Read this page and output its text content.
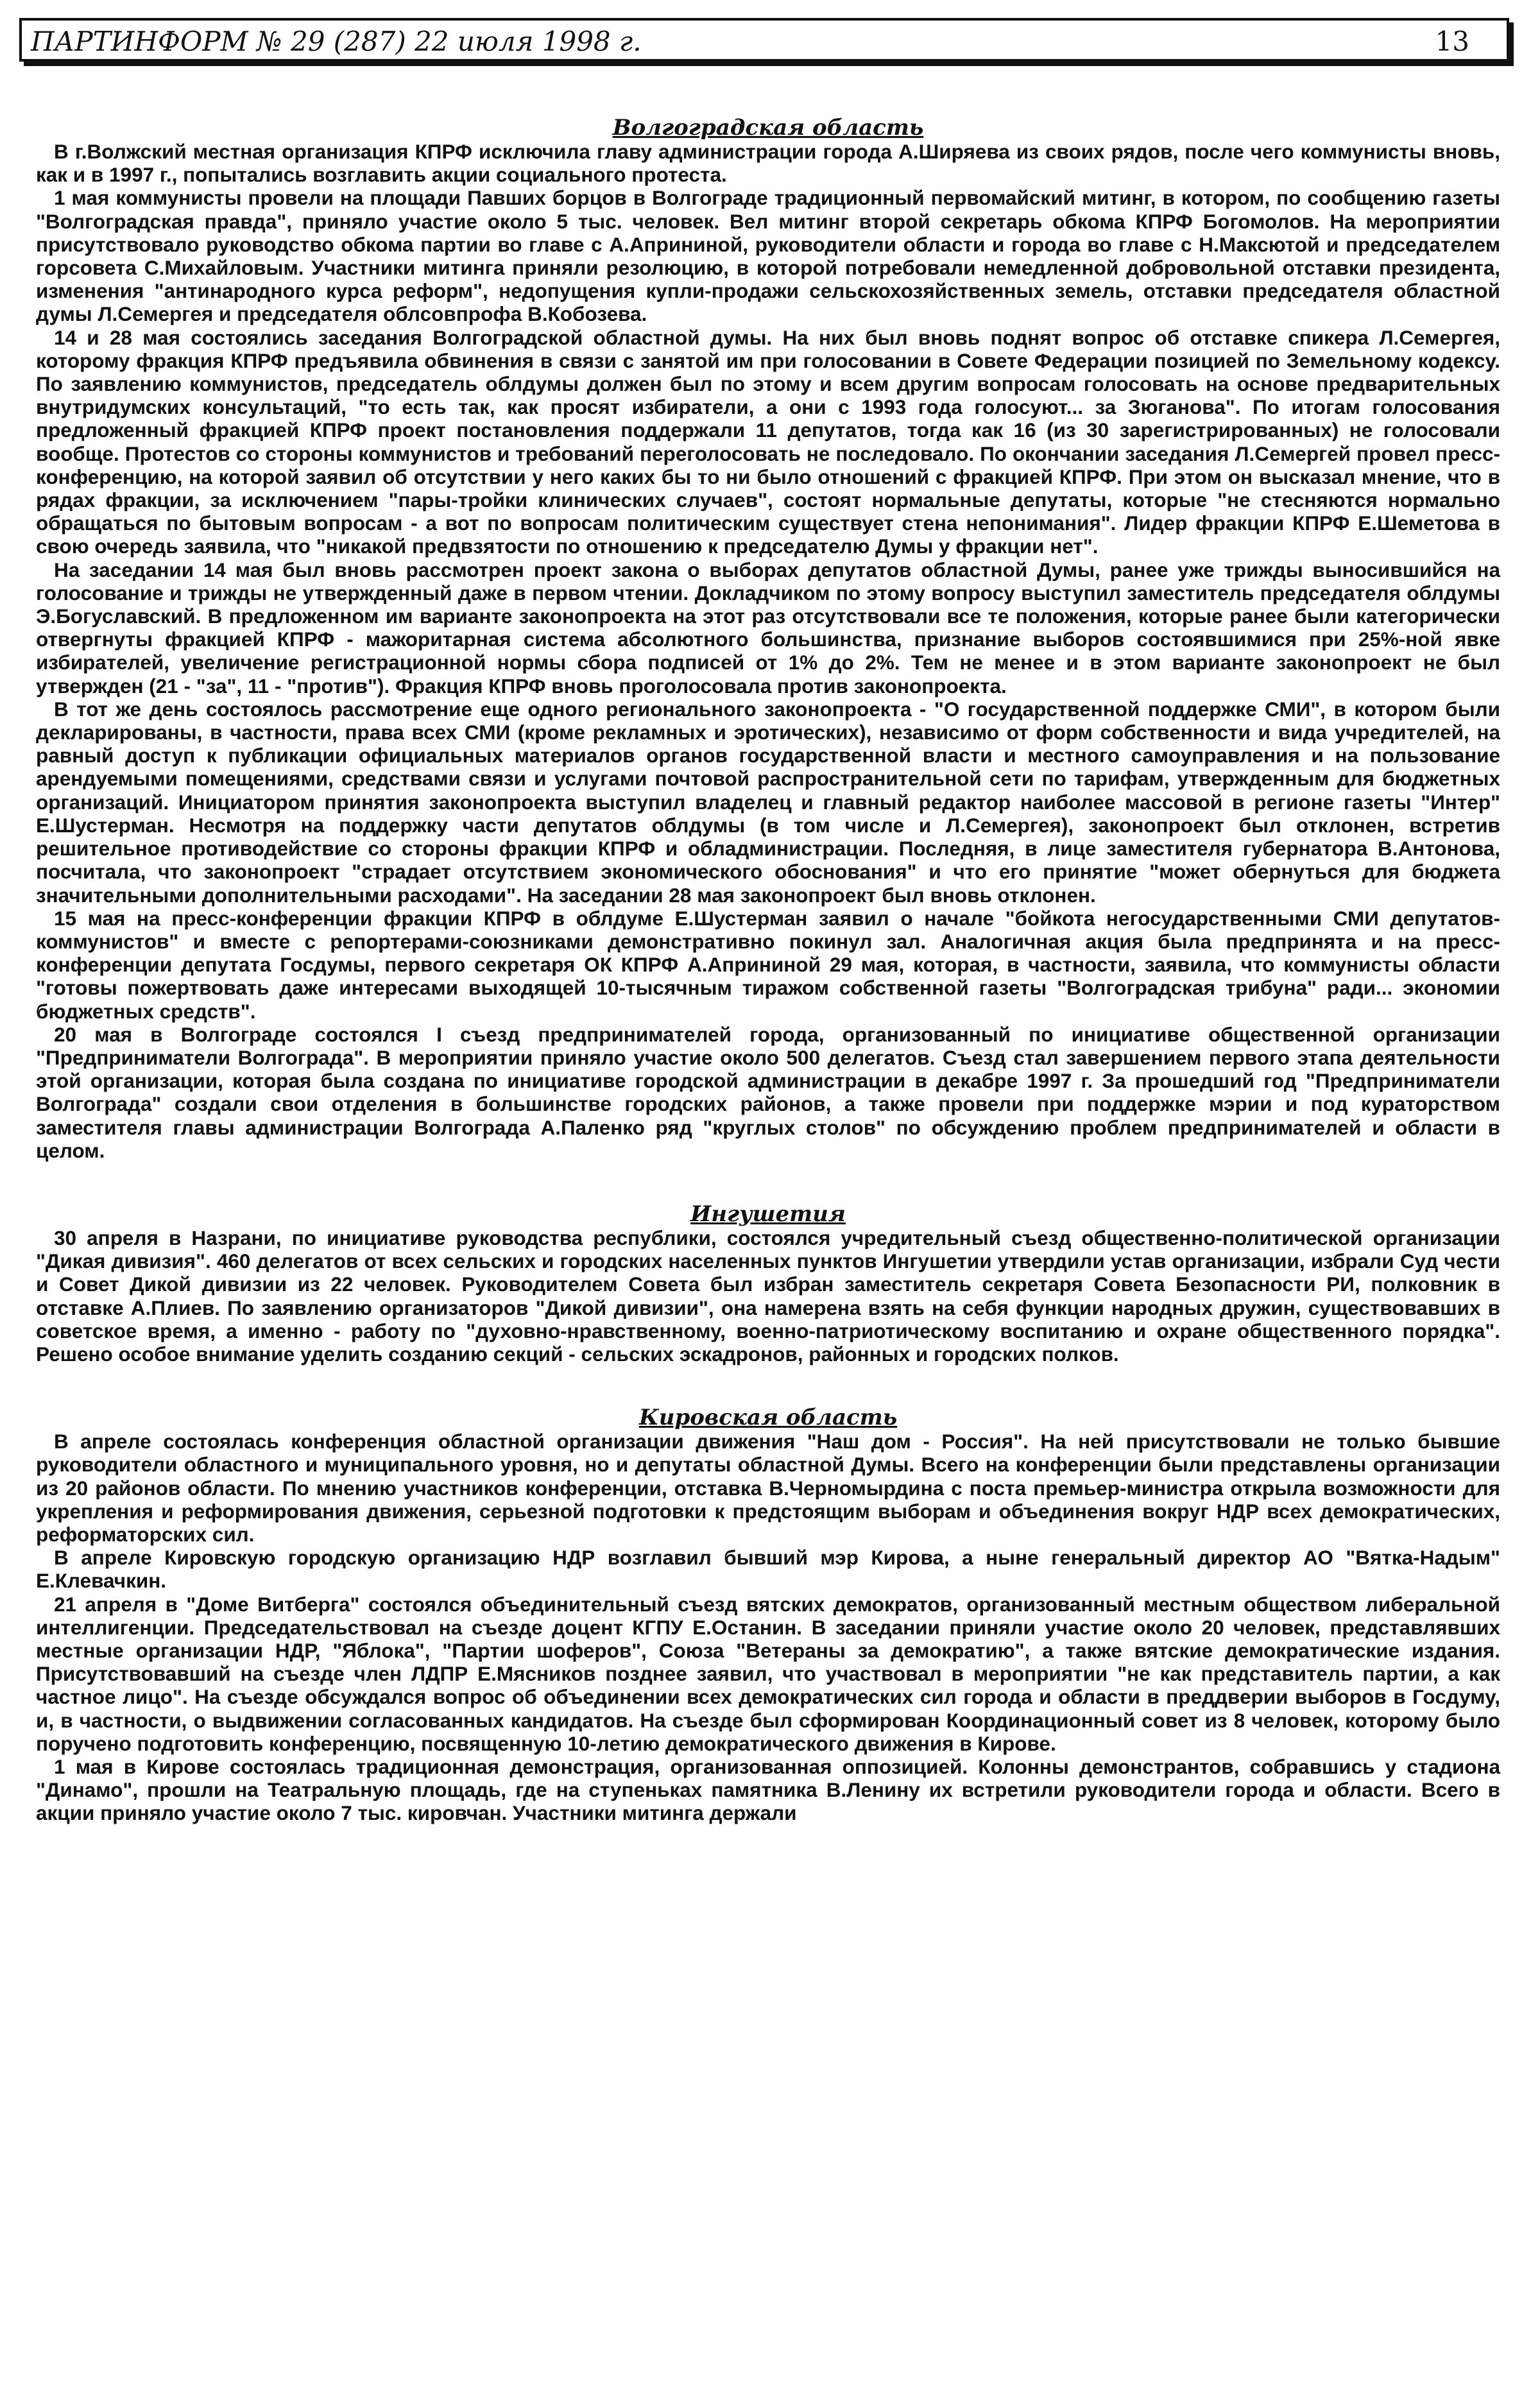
ПАРТИНФОРМ № 29 (287) 22 июля 1998 г.	13
Волгоградская область

В г.Волжский местная организация КПРФ исключила главу администрации города А.Ширяева из своих рядов, после чего коммунисты вновь, как и в 1997 г., попытались возглавить акции социального протеста.

1 мая коммунисты провели на площади Павших борцов в Волгограде традиционный первомайский митинг, в котором, по сообщению газеты "Волгоградская правда", приняло участие около 5 тыс. человек. Вел митинг второй секретарь обкома КПРФ Богомолов. На мероприятии присутствовало руководство обкома партии во главе с А.Априниной, руководители области и города во главе с Н.Максютой и председателем горсовета С.Михайловым. Участники митинга приняли резолюцию, в которой потребовали немедленной добровольной отставки президента, изменения "антинародного курса реформ", недопущения купли-продажи сельскохозяйственных земель, отставки председателя областной думы Л.Семергея и председателя облсовпрофа В.Кобозева.

14 и 28 мая состоялись заседания Волгоградской областной думы. На них был вновь поднят вопрос об отставке спикера Л.Семергея, которому фракция КПРФ предъявила обвинения в связи с занятой им при голосовании в Совете Федерации позицией по Земельному кодексу. По заявлению коммунистов, председатель облдумы должен был по этому и всем другим вопросам голосовать на основе предварительных внутридумских консультаций, "то есть так, как просят избиратели, а они с 1993 года голосуют... за Зюганова". По итогам голосования предложенный фракцией КПРФ проект постановления поддержали 11 депутатов, тогда как 16 (из 30 зарегистрированных) не голосовали вообще. Протестов со стороны коммунистов и требований переголосовать не последовало. По окончании заседания Л.Семергей провел пресс-конференцию, на которой заявил об отсутствии у него каких бы то ни было отношений с фракцией КПРФ. При этом он высказал мнение, что в рядах фракции, за исключением "пары-тройки клинических случаев", состоят нормальные депутаты, которые "не стесняются нормально обращаться по бытовым вопросам - а вот по вопросам политическим существует стена непонимания". Лидер фракции КПРФ Е.Шеметова в свою очередь заявила, что "никакой предвзятости по отношению к председателю Думы у фракции нет".

На заседании 14 мая был вновь рассмотрен проект закона о выборах депутатов областной Думы, ранее уже трижды выносившийся на голосование и трижды не утвержденный даже в первом чтении. Докладчиком по этому вопросу выступил заместитель председателя облдумы Э.Богуславский. В предложенном им варианте законопроекта на этот раз отсутствовали все те положения, которые ранее были категорически отвергнуты фракцией КПРФ - мажоритарная система абсолютного большинства, признание выборов состоявшимися при 25%-ной явке избирателей, увеличение регистрационной нормы сбора подписей от 1% до 2%. Тем не менее и в этом варианте законопроект не был утвержден (21 - "за", 11 - "против"). Фракция КПРФ вновь проголосовала против законопроекта.

В тот же день состоялось рассмотрение еще одного регионального законопроекта - "О государственной поддержке СМИ", в котором были декларированы, в частности, права всех СМИ (кроме рекламных и эротических), независимо от форм собственности и вида учредителей, на равный доступ к публикации официальных материалов органов государственной власти и местного самоуправления и на пользование арендуемыми помещениями, средствами связи и услугами почтовой распространительной сети по тарифам, утвержденным для бюджетных организаций. Инициатором принятия законопроекта выступил владелец и главный редактор наиболее массовой в регионе газеты "Интер" Е.Шустерман. Несмотря на поддержку части депутатов облдумы (в том числе и Л.Семергея), законопроект был отклонен, встретив решительное противодействие со стороны фракции КПРФ и обладминистрации. Последняя, в лице заместителя губернатора В.Антонова, посчитала, что законопроект "страдает отсутствием экономического обоснования" и что его принятие "может обернуться для бюджета значительными дополнительными расходами". На заседании 28 мая законопроект был вновь отклонен.

15 мая на пресс-конференции фракции КПРФ в облдуме Е.Шустерман заявил о начале "бойкота негосударственными СМИ депутатов-коммунистов" и вместе с репортерами-союзниками демонстративно покинул зал. Аналогичная акция была предпринята и на пресс-конференции депутата Госдумы, первого секретаря ОК КПРФ А.Априниной 29 мая, которая, в частности, заявила, что коммунисты области "готовы пожертвовать даже интересами выходящей 10-тысячным тиражом собственной газеты "Волгоградская трибуна" ради... экономии бюджетных средств".

20 мая в Волгограде состоялся I съезд предпринимателей города, организованный по инициативе общественной организации "Предприниматели Волгограда". В мероприятии приняло участие около 500 делегатов. Съезд стал завершением первого этапа деятельности этой организации, которая была создана по инициативе городской администрации в декабре 1997 г. За прошедший год "Предприниматели Волгограда" создали свои отделения в большинстве городских районов, а также провели при поддержке мэрии и под кураторством заместителя главы администрации Волгограда А.Паленко ряд "круглых столов" по обсуждению проблем предпринимателей и области в целом.

Ингушетия

30 апреля в Назрани, по инициативе руководства республики, состоялся учредительный съезд общественно-политической организации "Дикая дивизия". 460 делегатов от всех сельских и городских населенных пунктов Ингушетии утвердили устав организации, избрали Суд чести и Совет Дикой дивизии из 22 человек. Руководителем Совета был избран заместитель секретаря Совета Безопасности РИ, полковник в отставке А.Плиев. По заявлению организаторов "Дикой дивизии", она намерена взять на себя функции народных дружин, существовавших в советское время, а именно - работу по "духовно-нравственному, военно-патриотическому воспитанию и охране общественного порядка". Решено особое внимание уделить созданию секций - сельских эскадронов, районных и городских полков.

Кировская область

В апреле состоялась конференция областной организации движения "Наш дом - Россия". На ней присутствовали не только бывшие руководители областного и муниципального уровня, но и депутаты областной Думы. Всего на конференции были представлены организации из 20 районов области. По мнению участников конференции, отставка В.Черномырдина с поста премьер-министра открыла возможности для укрепления и реформирования движения, серьезной подготовки к предстоящим выборам и объединения вокруг НДР всех демократических, реформаторских сил.

В апреле Кировскую городскую организацию НДР возглавил бывший мэр Кирова, а ныне генеральный директор АО "Вятка-Надым" Е.Клевачкин.

21 апреля в "Доме Витберга" состоялся объединительный съезд вятских демократов, организованный местным обществом либеральной интеллигенции. Председательствовал на съезде доцент КГПУ Е.Останин. В заседании приняли участие около 20 человек, представлявших местные организации НДР, "Яблока", "Партии шоферов", Союза "Ветераны за демократию", а также вятские демократические издания. Присутствовавший на съезде член ЛДПР Е.Мясников позднее заявил, что участвовал в мероприятии "не как представитель партии, а как частное лицо". На съезде обсуждался вопрос об объединении всех демократических сил города и области в преддверии выборов в Госдуму, и, в частности, о выдвижении согласованных кандидатов. На съезде был сформирован Координационный совет из 8 человек, которому было поручено подготовить конференцию, посвященную 10-летию демократического движения в Кирове.

1 мая в Кирове состоялась традиционная демонстрация, организованная оппозицией. Колонны демонстрантов, собравшись у стадиона "Динамо", прошли на Театральную площадь, где на ступеньках памятника В.Ленину их встретили руководители города и области. Всего в акции приняло участие около 7 тыс. кировчан. Участники митинга держали
